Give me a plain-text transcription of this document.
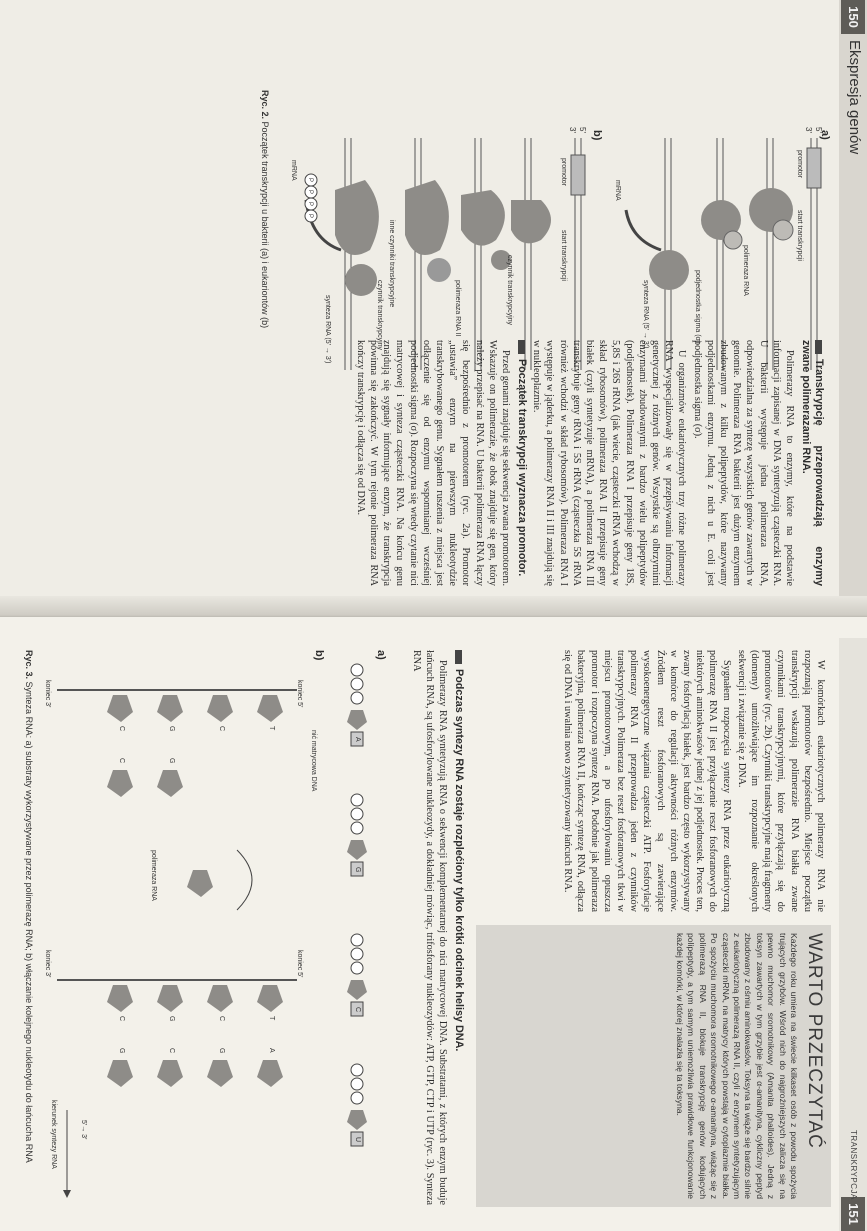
150
Ekspresja genów
a)
P
P
P
P
promotor
start transkrypcji
polimeraza RNA
podjednostka sigma (σ)
synteza RNA (5' → 3')
mRNA
b)
promotor
start transkrypcji
czynnik transkrypcyjny
polimeraza RNA II
inne czynniki transkrypcyjne
czynnik transkrypcyjny
synteza RNA (5' → 3')
mRNA
5'
3'
5'
3'
Ryc. 2. Początek transkrypcji u bakterii (a) i eukariontów (b)
Transkrypcję przeprowadzają enzymy zwane polimerazami RNA.

Polimerazy RNA to enzymy, które na podstawie informacji zapisanej w DNA syntetyzują cząsteczki RNA. U bakterii występuje jedna polimeraza RNA, odpowiedzialna za syntezę wszystkich genów zawartych w genomie. Polimeraza RNA bakterii jest dużym enzymem zbudowanym z kilku polipeptydów, które nazywamy podjednostkami enzymu. Jedną z nich u E. coli jest podjednostka sigma (σ).

U organizmów eukariotycznych trzy różne polimerazy RNA wyspecjalizowały się w przepisywaniu informacji genetycznej z różnych genów. Wszystkie są olbrzymimi enzymami zbudowanymi z bardzo wielu polipeptydów (podjednostek). Polimeraza RNA I przepisuje geny 18S, 5,8S i 26S rRNA (jak wiecie, cząsteczki rRNA wchodzą w skład rybosomów), polimeraza RNA II przepisuje geny białek (czyli syntetyzuje mRNA), a polimeraza RNA III transkrybuje geny tRNA i 5S rRNA (cząsteczka 5S rRNA również wchodzi w skład rybosomów). Polimeraza RNA I występuje w jąderku, a polimerazy RNA II i III znajdują się w nukleoplazmie.

Początek transkrypcji wyznacza promotor.

Przed genami znajduje się sekwencja zwana promotorem. Wskazuje on polimerazie, że obok znajduje się gen, który należy przepisać na RNA. U bakterii polimeraza RNA łączy się bezpośrednio z promotorem (ryc. 2a). Promotor „ustawia” enzym na pierwszym nukleotydzie transkrybowanego genu. Sygnałem ruszenia z miejsca jest odłączenie się od enzymu wspomnianej wcześniej podjednostki sigma (σ). Rozpoczyna się wtedy czytanie nici matrycowej i synteza cząsteczki RNA. Na końcu genu znajdują się sygnały informujące enzym, że transkrypcja powinna się zakończyć. W tym rejonie polimeraza RNA kończy transkrypcję i odłącza się od DNA.

151
TRANSKRYPCJA

W komórkach eukariotycznych polimerazy RNA nie rozpoznają promotorów bezpośrednio. Miejsce początku transkrypcji wskazują polimerazie RNA białka zwane czynnikami transkrypcyjnymi, które przyłączają się do promotorów (ryc. 2b). Czynniki transkrypcyjne mają fragmenty (domeny) umożliwiające im rozpoznanie określonych sekwencji i związanie się z DNA.

Sygnałem rozpoczęcia syntezy RNA przez eukariotyczną polimerazę RNA II jest przyłączenie reszt fosforanowych do niektórych aminokwasów jednej z jej podjednostek. Proces ten, zwany fosforylacją białek, jest bardzo często wykorzystywany w komórce do regulacji aktywności różnych enzymów. Źródłem reszt fosforanowych są zawierające wysokoenergetyczne wiązania cząsteczki ATP. Fosforylacje polimerazy RNA II przeprowadza jeden z czynników transkrypcyjnych. Polimeraza bez reszt fosforanowych tkwi w miejscu promotorowym, a po ufosforylowaniu opuszcza promotor i rozpoczyna syntezę RNA. Podobnie jak polimeraza bakteryjna, polimeraza RNA II, kończąc syntezę RNA, odłącza się od DNA i uwalnia nowo zsyntetyzowany łańcuch RNA.

WARTO PRZECZYTAĆ
Każdego roku umiera na świecie kilkaset osób z powodu spożycia trujących grzybów. Wśród nich do najgroźniejszych zalicza się na pewno muchomor sromotnikowy (Amanita phalloides). Jedną z toksyn zawartych w tym grzybie jest α-amanityna, cykliczny peptyd zbudowany z ośmiu aminokwasów. Toksyna ta wiąże się bardzo silnie z eukariotyczną polimerazą RNA II, czyli z enzymem syntetyzującym cząsteczki mRNA, na matrycy których powstają w cytoplazmie białka. Po spożyciu muchomora sromotnikowego α-amanityna, wiążąc się z polimerazą RNA II, blokuje transkrypcję genów kodujących polipeptydy, a tym samym uniemożliwia prawidłowe funkcjonowanie każdej komórki, w której znalazła się ta toksyna.
Podczas syntezy RNA zostaje rozplećiony tylko krótki odcinek helisy DNA.

Polimerazy RNA syntetyzują RNA o sekwencji komplementarnej do nici matrycowej DNA. Substratami, z których enzym buduje łańcuch RNA, są ufosforylowane nukleozydy, a dokładniej mówiąc, trifosforany nukleozydów: ATP, GTP, CTP i UTP (ryc. 3). Synteza RNA

a)
A
G
C
U
b)
nić matrycowa DNA
koniec 5'
koniec 5'
koniec 3'
koniec 3'
polimeraza RNA
5'→ 3'
kierunek syntezy RNA
T
C
G
C
G
C
T
C
G
C
A
G
C
G
Ryc. 3. Synteza RNA: a) substraty wykorzystywane przez polimerazę RNA; b) włączanie kolejnego nukleotydu do łańcucha RNA
